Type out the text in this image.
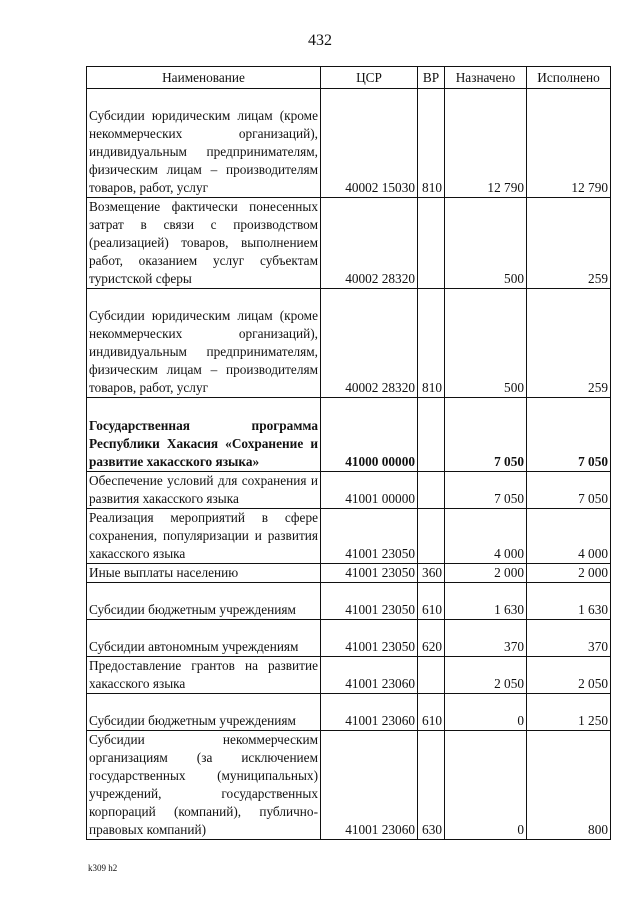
432
Наименование	ЦСР	ВР	Назначено	Исполнено
Субсидии юридическим лицам (кроме некоммерческих организаций), индивидуальным предпринимателям, физическим лицам – производителям товаров, работ, услуг	40002 15030	810	12 790	12 790
Возмещение фактически понесенных затрат в связи с производством (реализацией) товаров, выполнением работ, оказанием услуг субъектам туристской сферы	40002 28320		500	259
Субсидии юридическим лицам (кроме некоммерческих организаций), индивидуальным предпринимателям, физическим лицам – производителям товаров, работ, услуг	40002 28320	810	500	259
Государственная программа Республики Хакасия «Сохранение и развитие хакасского языка»	41000 00000		7 050	7 050
Обеспечение условий для сохранения и развития хакасского языка	41001 00000		7 050	7 050
Реализация мероприятий в сфере сохранения, популяризации и развития хакасского языка	41001 23050		4 000	4 000
Иные выплаты населению	41001 23050	360	2 000	2 000
Субсидии бюджетным учреждениям	41001 23050	610	1 630	1 630
Субсидии автономным учреждениям	41001 23050	620	370	370
Предоставление грантов на развитие хакасского языка	41001 23060		2 050	2 050
Субсидии бюджетным учреждениям	41001 23060	610	0	1 250
Субсидии некоммерческим организациям (за исключением государственных (муниципальных) учреждений, государственных корпораций (компаний), публично-правовых компаний)	41001 23060	630	0	800
k309 h2
